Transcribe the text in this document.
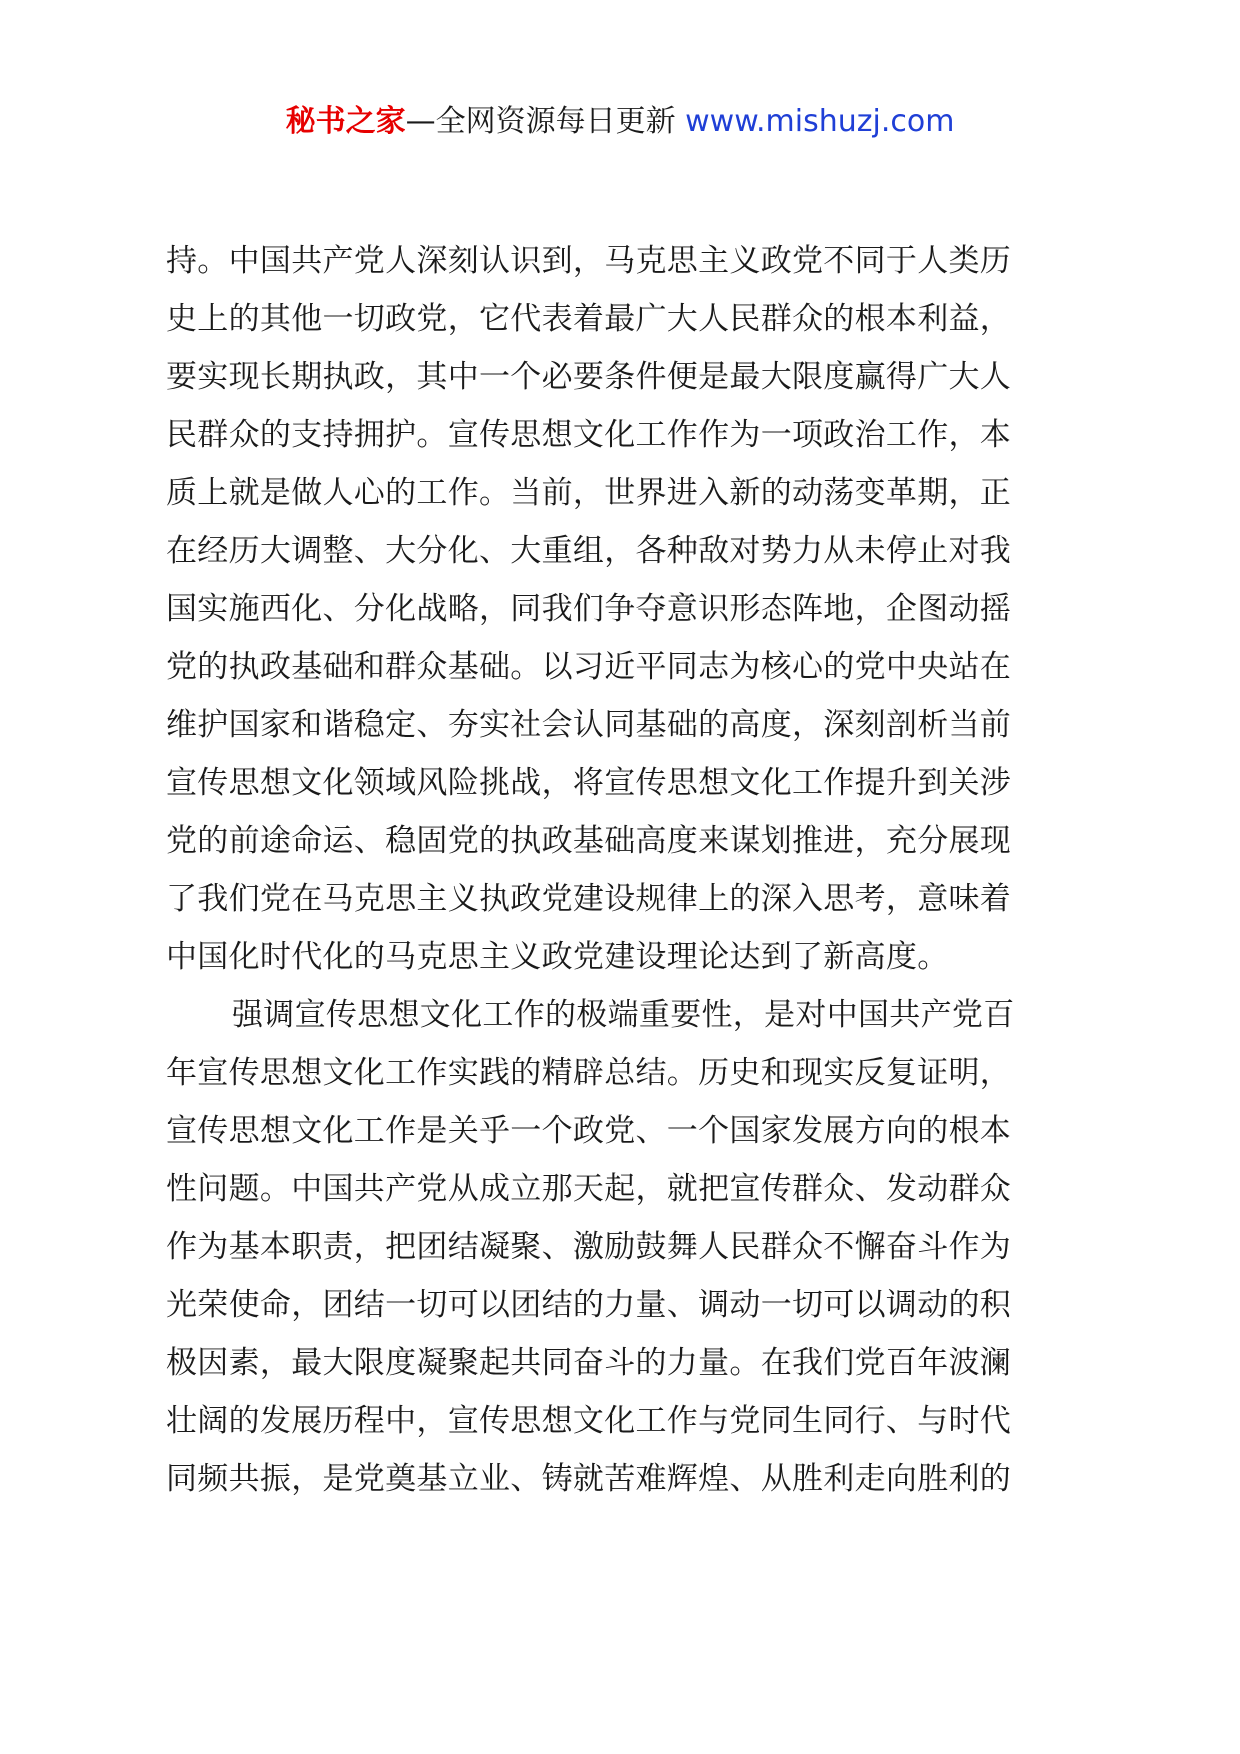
秘书之家—全网资源每日更新 www.mishuzj.com
持。中国共产党人深刻认识到，马克思主义政党不同于人类历
史上的其他一切政党，它代表着最广大人民群众的根本利益，
要实现长期执政，其中一个必要条件便是最大限度赢得广大人
民群众的支持拥护。宣传思想文化工作作为一项政治工作，本
质上就是做人心的工作。当前，世界进入新的动荡变革期，正
在经历大调整、大分化、大重组，各种敌对势力从未停止对我
国实施西化、分化战略，同我们争夺意识形态阵地，企图动摇
党的执政基础和群众基础。以习近平同志为核心的党中央站在
维护国家和谐稳定、夯实社会认同基础的高度，深刻剖析当前
宣传思想文化领域风险挑战，将宣传思想文化工作提升到关涉
党的前途命运、稳固党的执政基础高度来谋划推进，充分展现
了我们党在马克思主义执政党建设规律上的深入思考，意味着
中国化时代化的马克思主义政党建设理论达到了新高度。
强调宣传思想文化工作的极端重要性，是对中国共产党百
年宣传思想文化工作实践的精辟总结。历史和现实反复证明，
宣传思想文化工作是关乎一个政党、一个国家发展方向的根本
性问题。中国共产党从成立那天起，就把宣传群众、发动群众
作为基本职责，把团结凝聚、激励鼓舞人民群众不懈奋斗作为
光荣使命，团结一切可以团结的力量、调动一切可以调动的积
极因素，最大限度凝聚起共同奋斗的力量。在我们党百年波澜
壮阔的发展历程中，宣传思想文化工作与党同生同行、与时代
同频共振，是党奠基立业、铸就苦难辉煌、从胜利走向胜利的
